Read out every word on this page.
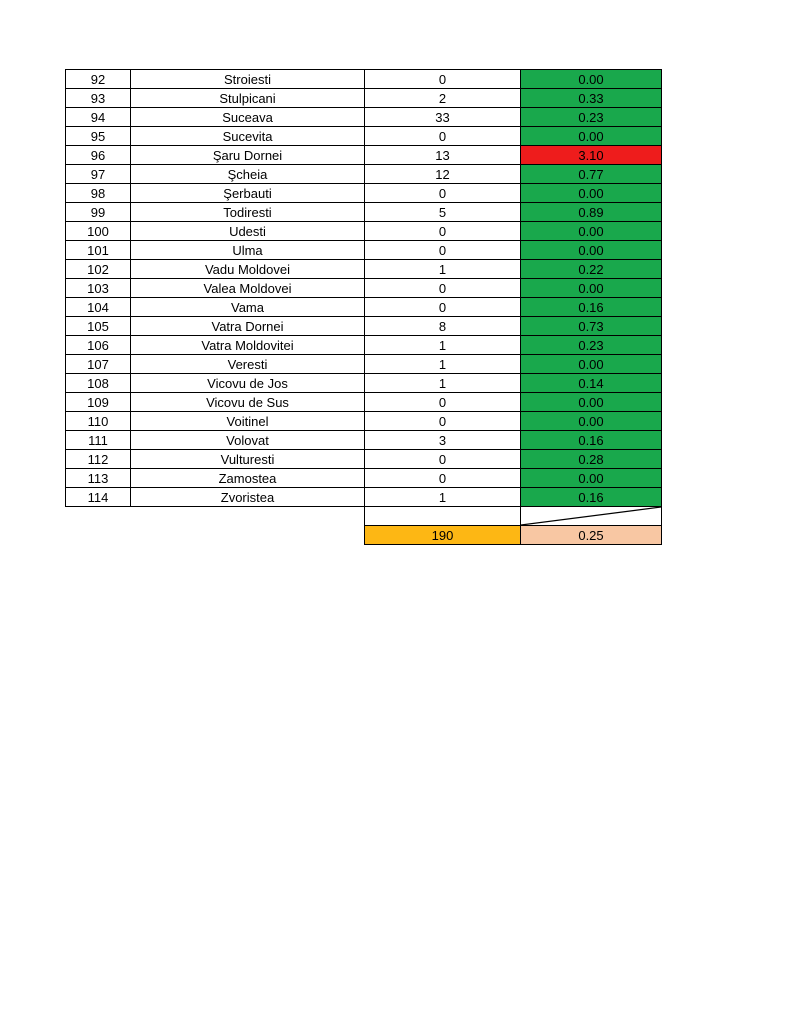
92	Stroiesti	0	0.00
93	Stulpicani	2	0.33
94	Suceava	33	0.23
95	Sucevita	0	0.00
96	Şaru Dornei	13	3.10
97	Şcheia	12	0.77
98	Şerbauti	0	0.00
99	Todiresti	5	0.89
100	Udesti	0	0.00
101	Ulma	0	0.00
102	Vadu Moldovei	1	0.22
103	Valea Moldovei	0	0.00
104	Vama	0	0.16
105	Vatra Dornei	8	0.73
106	Vatra Moldovitei	1	0.23
107	Veresti	1	0.00
108	Vicovu de Jos	1	0.14
109	Vicovu de Sus	0	0.00
110	Voitinel	0	0.00
111	Volovat	3	0.16
112	Vulturesti	0	0.28
113	Zamostea	0	0.00
114	Zvoristea	1	0.16

		190	0.25
